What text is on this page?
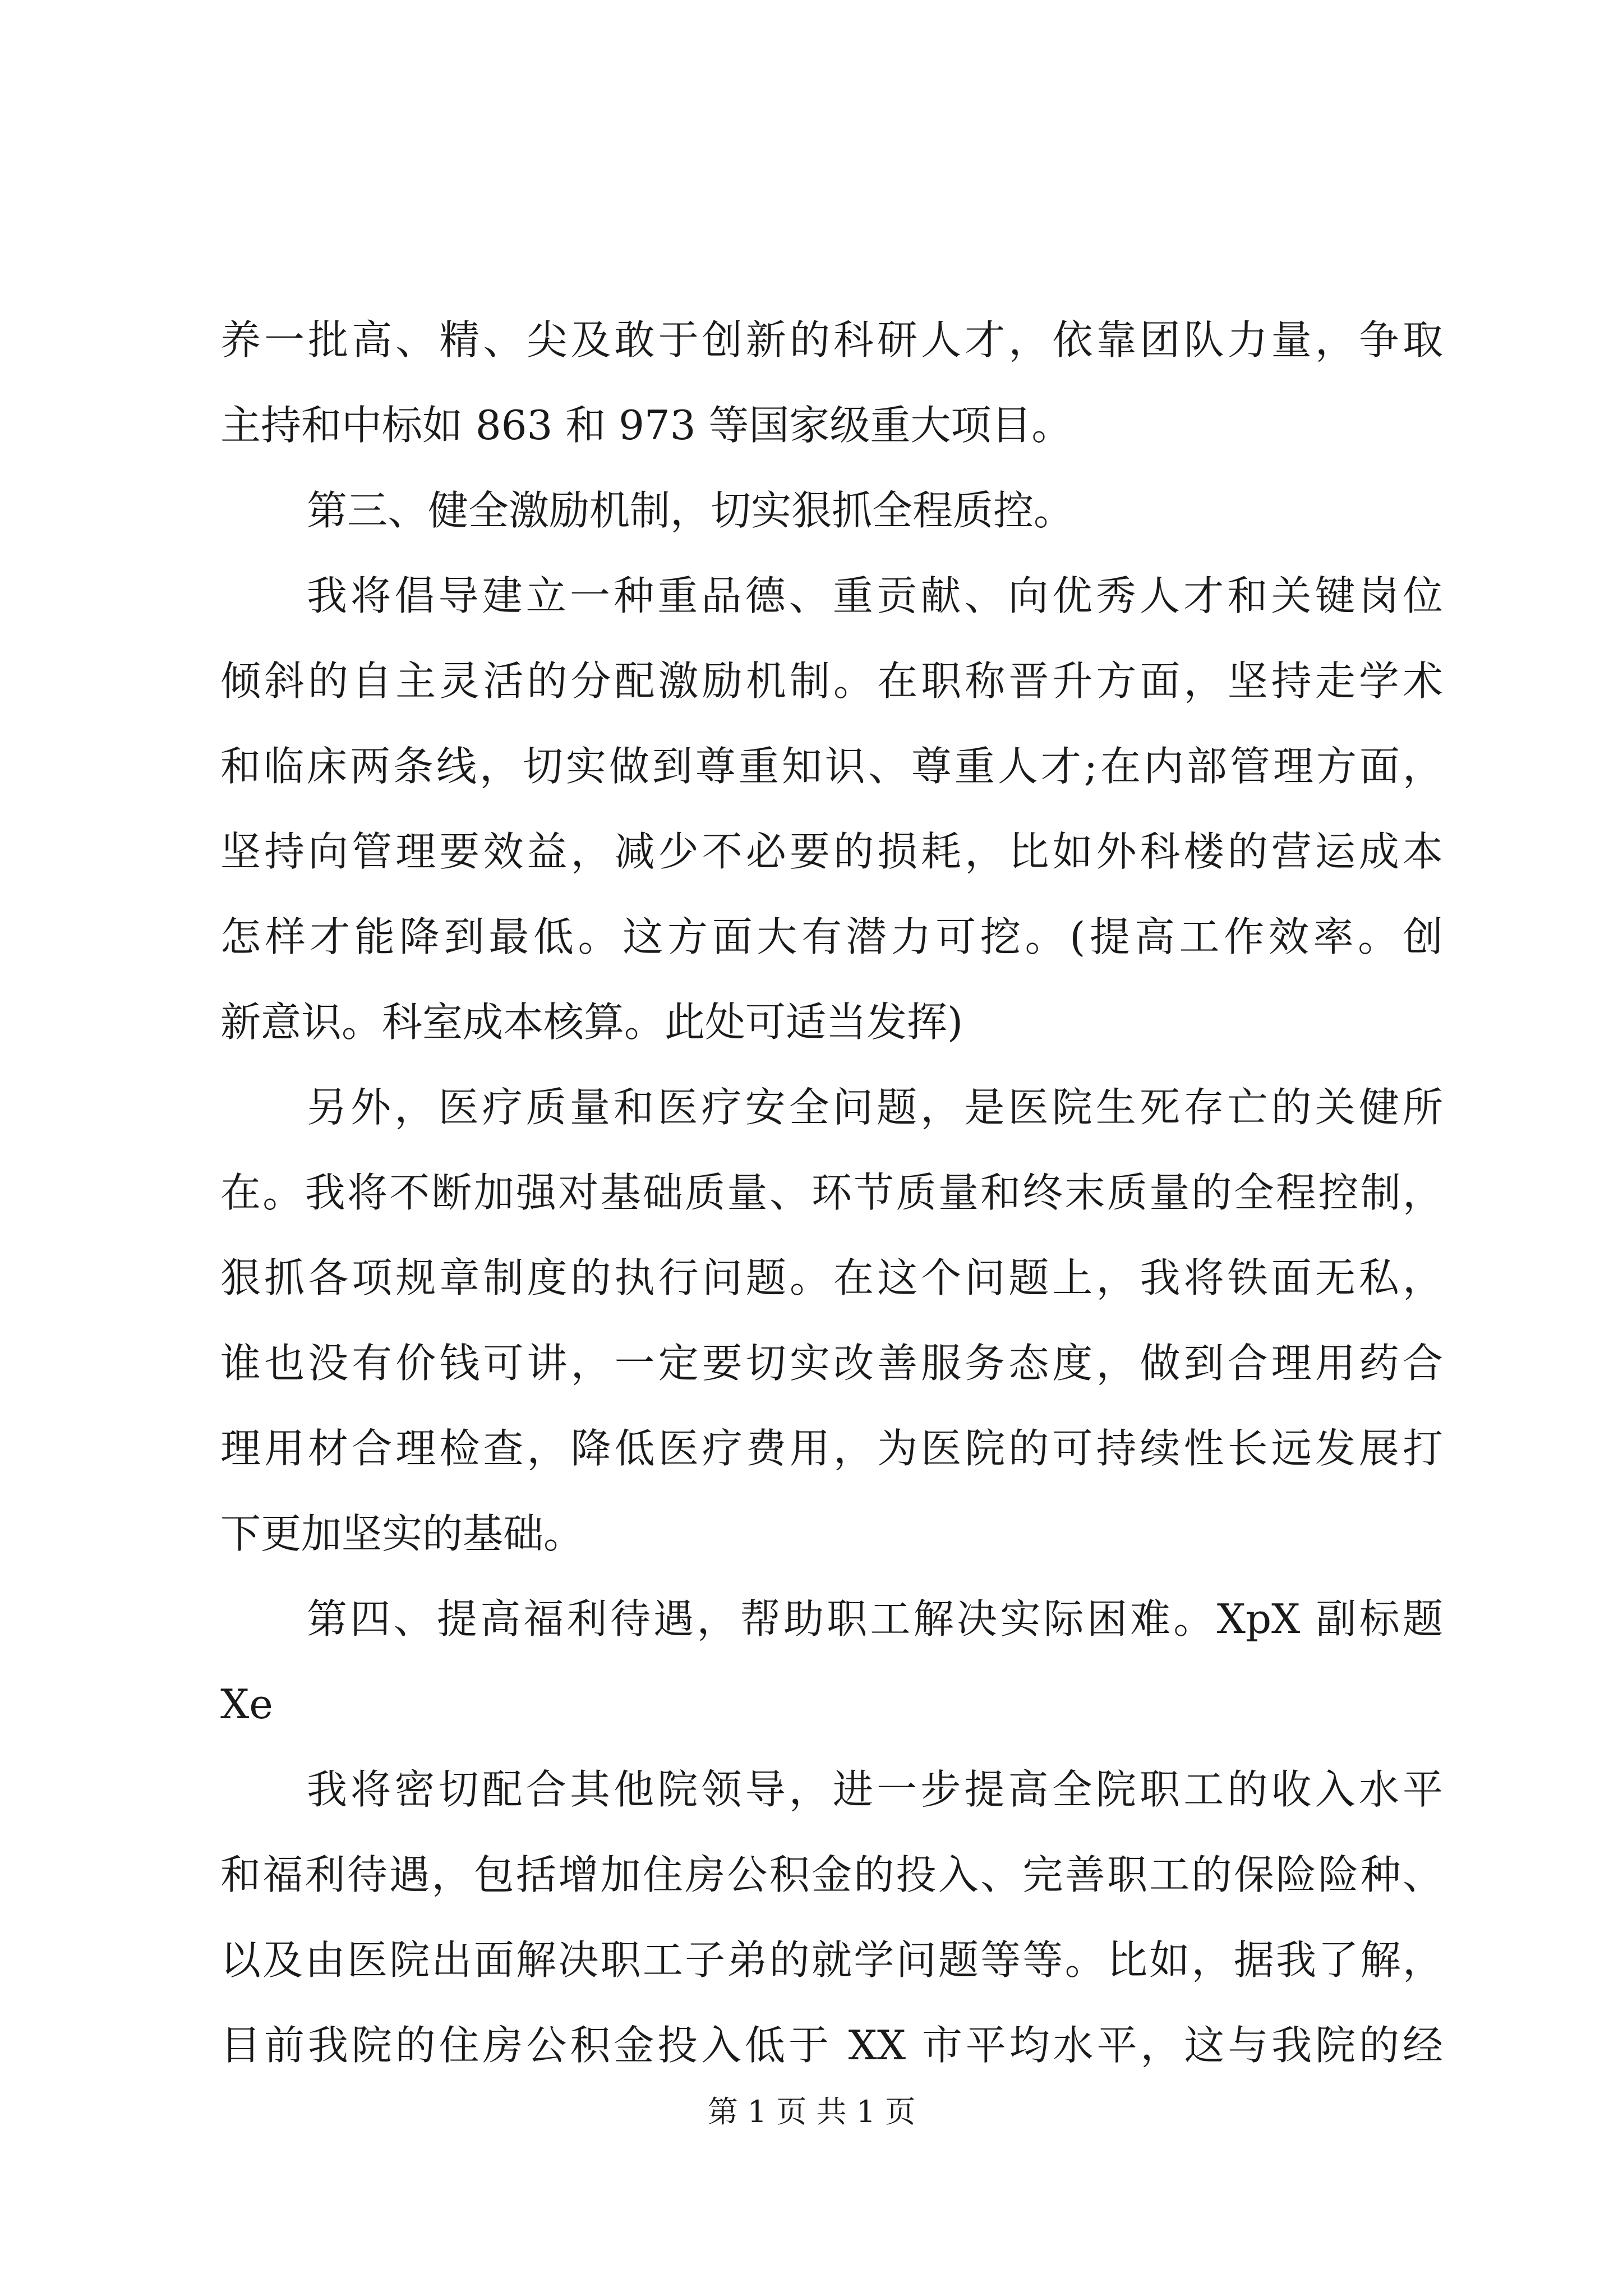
养一批高、精、尖及敢于创新的科研人才，依靠团队力量，争取
主持和中标如 863 和 973 等国家级重大项目。
第三、健全激励机制，切实狠抓全程质控。
我将倡导建立一种重品德、重贡献、向优秀人才和关键岗位
倾斜的自主灵活的分配激励机制。在职称晋升方面，坚持走学术
和临床两条线，切实做到尊重知识、尊重人才;在内部管理方面，
坚持向管理要效益，减少不必要的损耗，比如外科楼的营运成本
怎样才能降到最低。这方面大有潜力可挖。(提高工作效率。创
新意识。科室成本核算。此处可适当发挥)
另外，医疗质量和医疗安全问题，是医院生死存亡的关健所
在。我将不断加强对基础质量、环节质量和终末质量的全程控制，
狠抓各项规章制度的执行问题。在这个问题上，我将铁面无私，
谁也没有价钱可讲，一定要切实改善服务态度，做到合理用药合
理用材合理检查，降低医疗费用，为医院的可持续性长远发展打
下更加坚实的基础。
第四、提高福利待遇，帮助职工解决实际困难。XpX 副标题
Xe
我将密切配合其他院领导，进一步提高全院职工的收入水平
和福利待遇，包括增加住房公积金的投入、完善职工的保险险种、
以及由医院出面解决职工子弟的就学问题等等。比如，据我了解，
目前我院的住房公积金投入低于 XX 市平均水平，这与我院的经
第 1 页 共 1 页
